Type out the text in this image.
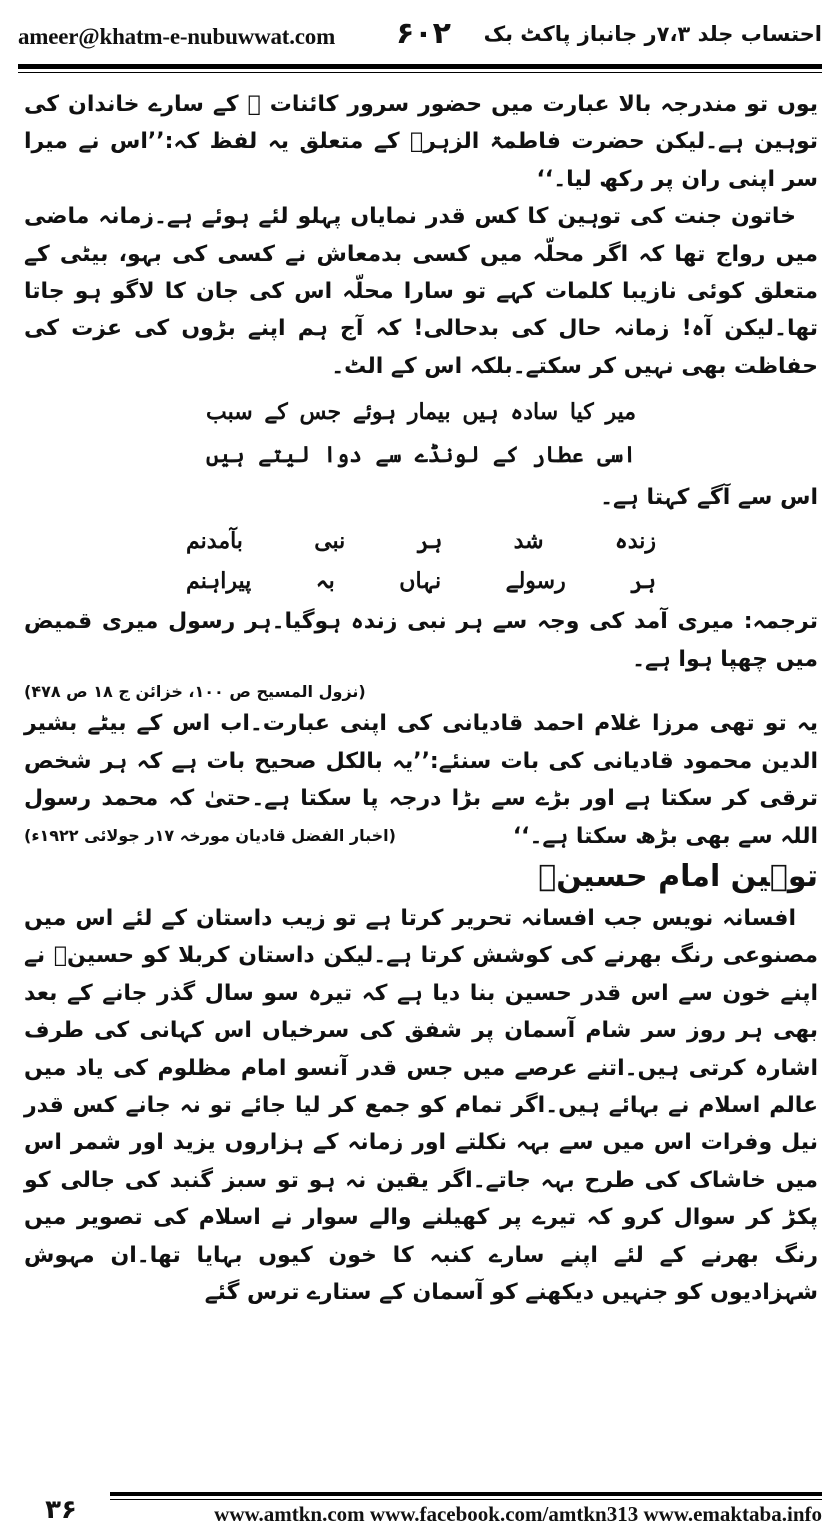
ameer@khatm-e-nubuwwat.com ۶۰۲ احتساب جلد ۷،۳ر جانباز پاکٹ بک

یوں تو مندرجہ بالا عبارت میں حضور سرور کائنات ﷺ کے سارے خاندان کی توہین ہے۔لیکن حضرت فاطمۃ الزہرؓ کے متعلق یہ لفظ کہ:’’اس نے میرا سر اپنی ران پر رکھ لیا۔‘‘

خاتون جنت کی توہین کا کس قدر نمایاں پہلو لئے ہوئے ہے۔زمانہ ماضی میں رواج تھا کہ اگر محلّہ میں کسی بدمعاش نے کسی کی بہو، بیٹی کے متعلق کوئی نازیبا کلمات کہے تو سارا محلّہ اس کی جان کا لاگو ہو جاتا تھا۔لیکن آہ! زمانہ حال کی بدحالی! کہ آج ہم اپنے بڑوں کی عزت کی حفاظت بھی نہیں کر سکتے۔بلکہ اس کے الٹ۔

میر کیا سادہ ہیں بیمار ہوئے جس کے سبب
اسی عطار کے لونڈے سے دوا لیتے ہیں

اس سے آگے کہتا ہے۔

زندہ
شد
ہر
نبی
بآمدنم
ہر
رسولے
نہاں
بہ
پیراہنم

ترجمہ: میری آمد کی وجہ سے ہر نبی زندہ ہوگیا۔ہر رسول میری قمیض میں چھپا ہوا ہے۔

(نزول المسیح ص ۱۰۰، خزائن ج ۱۸ ص ۴۷۸)

یہ تو تھی مرزا غلام احمد قادیانی کی اپنی عبارت۔اب اس کے بیٹے بشیر الدین محمود قادیانی کی بات سنئے:’’یہ بالکل صحیح بات ہے کہ ہر شخص ترقی کر سکتا ہے اور بڑے سے بڑا درجہ پا سکتا ہے۔حتیٰ کہ محمد رسول اللہ سے بھی بڑھ سکتا ہے۔‘‘
(اخبار الفضل قادیان مورخہ ۱۷ر جولائی ۱۹۲۲ء)

توہین امام حسینؓ

افسانہ نویس جب افسانہ تحریر کرتا ہے تو زیب داستان کے لئے اس میں مصنوعی رنگ بھرنے کی کوشش کرتا ہے۔لیکن داستان کربلا کو حسینؓ نے اپنے خون سے اس قدر حسین بنا دیا ہے کہ تیرہ سو سال گذر جانے کے بعد بھی ہر روز سر شام آسمان پر شفق کی سرخیاں اس کہانی کی طرف اشارہ کرتی ہیں۔اتنے عرصے میں جس قدر آنسو امام مظلوم کی یاد میں عالم اسلام نے بہائے ہیں۔اگر تمام کو جمع کر لیا جائے تو نہ جانے کس قدر نیل وفرات اس میں سے بہہ نکلتے اور زمانہ کے ہزاروں یزید اور شمر اس میں خاشاک کی طرح بہہ جاتے۔اگر یقین نہ ہو تو سبز گنبد کی جالی کو پکڑ کر سوال کرو کہ تیرے پر کھیلنے والے سوار نے اسلام کی تصویر میں رنگ بھرنے کے لئے اپنے سارے کنبہ کا خون کیوں بہایا تھا۔ان مہوش شہزادیوں کو جنہیں دیکھنے کو آسمان کے ستارے ترس گئے

۳۶	www.amtkn.com www.facebook.com/amtkn313 www.emaktaba.info
